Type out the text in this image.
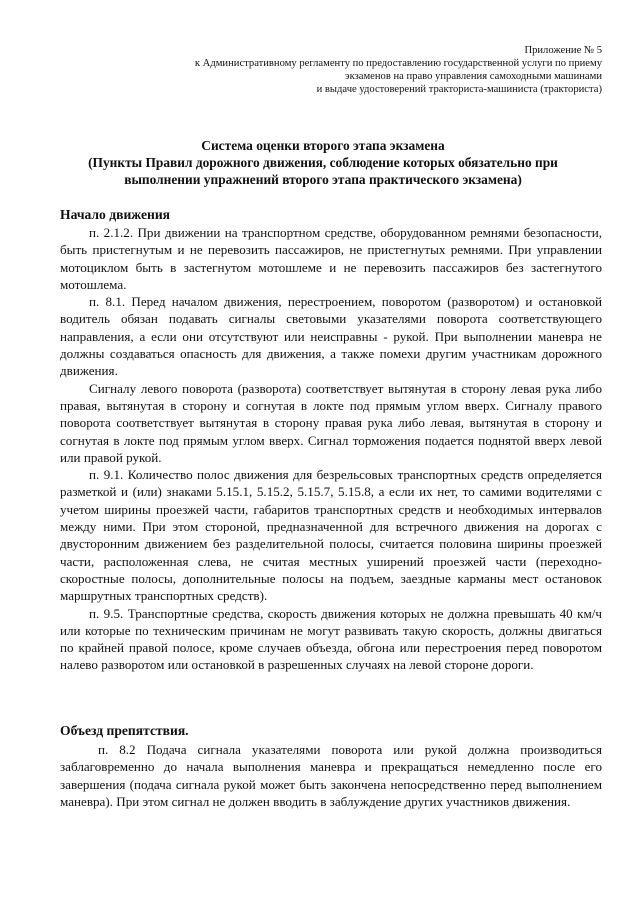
Приложение № 5
к Административному регламенту по предоставлению государственной услуги по приему
экзаменов на право управления самоходными машинами
и выдаче удостоверений тракториста-машиниста (тракториста)
Система оценки второго этапа экзамена
(Пункты Правил дорожного движения, соблюдение которых обязательно при
выполнении упражнений второго этапа практического экзамена)
Начало движения

п. 2.1.2. При движении на транспортном средстве, оборудованном ремнями безопасности, быть пристегнутым и не перевозить пассажиров, не пристегнутых ремнями. При управлении мотоциклом быть в застегнутом мотошлеме и не перевозить пассажиров без застегнутого мотошлема.

п. 8.1. Перед началом движения, перестроением, поворотом (разворотом) и остановкой водитель обязан подавать сигналы световыми указателями поворота соответствующего направления, а если они отсутствуют или неисправны - рукой. При выполнении маневра не должны создаваться опасность для движения, а также помехи другим участникам дорожного движения.

Сигналу левого поворота (разворота) соответствует вытянутая в сторону левая рука либо правая, вытянутая в сторону и согнутая в локте под прямым углом вверх. Сигналу правого поворота соответствует вытянутая в сторону правая рука либо левая, вытянутая в сторону и согнутая в локте под прямым углом вверх. Сигнал торможения подается поднятой вверх левой или правой рукой.

п. 9.1. Количество полос движения для безрельсовых транспортных средств определяется разметкой и (или) знаками 5.15.1, 5.15.2, 5.15.7, 5.15.8, а если их нет, то самими водителями с учетом ширины проезжей части, габаритов транспортных средств и необходимых интервалов между ними. При этом стороной, предназначенной для встречного движения на дорогах с двусторонним движением без разделительной полосы, считается половина ширины проезжей части, расположенная слева, не считая местных уширений проезжей части (переходно-скоростные полосы, дополнительные полосы на подъем, заездные карманы мест остановок маршрутных транспортных средств).

п. 9.5. Транспортные средства, скорость движения которых не должна превышать 40 км/ч или которые по техническим причинам не могут развивать такую скорость, должны двигаться по крайней правой полосе, кроме случаев объезда, обгона или перестроения перед поворотом налево разворотом или остановкой в разрешенных случаях на левой стороне дороги.

Объезд препятствия.

п. 8.2 Подача сигнала указателями поворота или рукой должна производиться заблаговременно до начала выполнения маневра и прекращаться немедленно после его завершения (подача сигнала рукой может быть закончена непосредственно перед выполнением маневра). При этом сигнал не должен вводить в заблуждение других участников движения.
